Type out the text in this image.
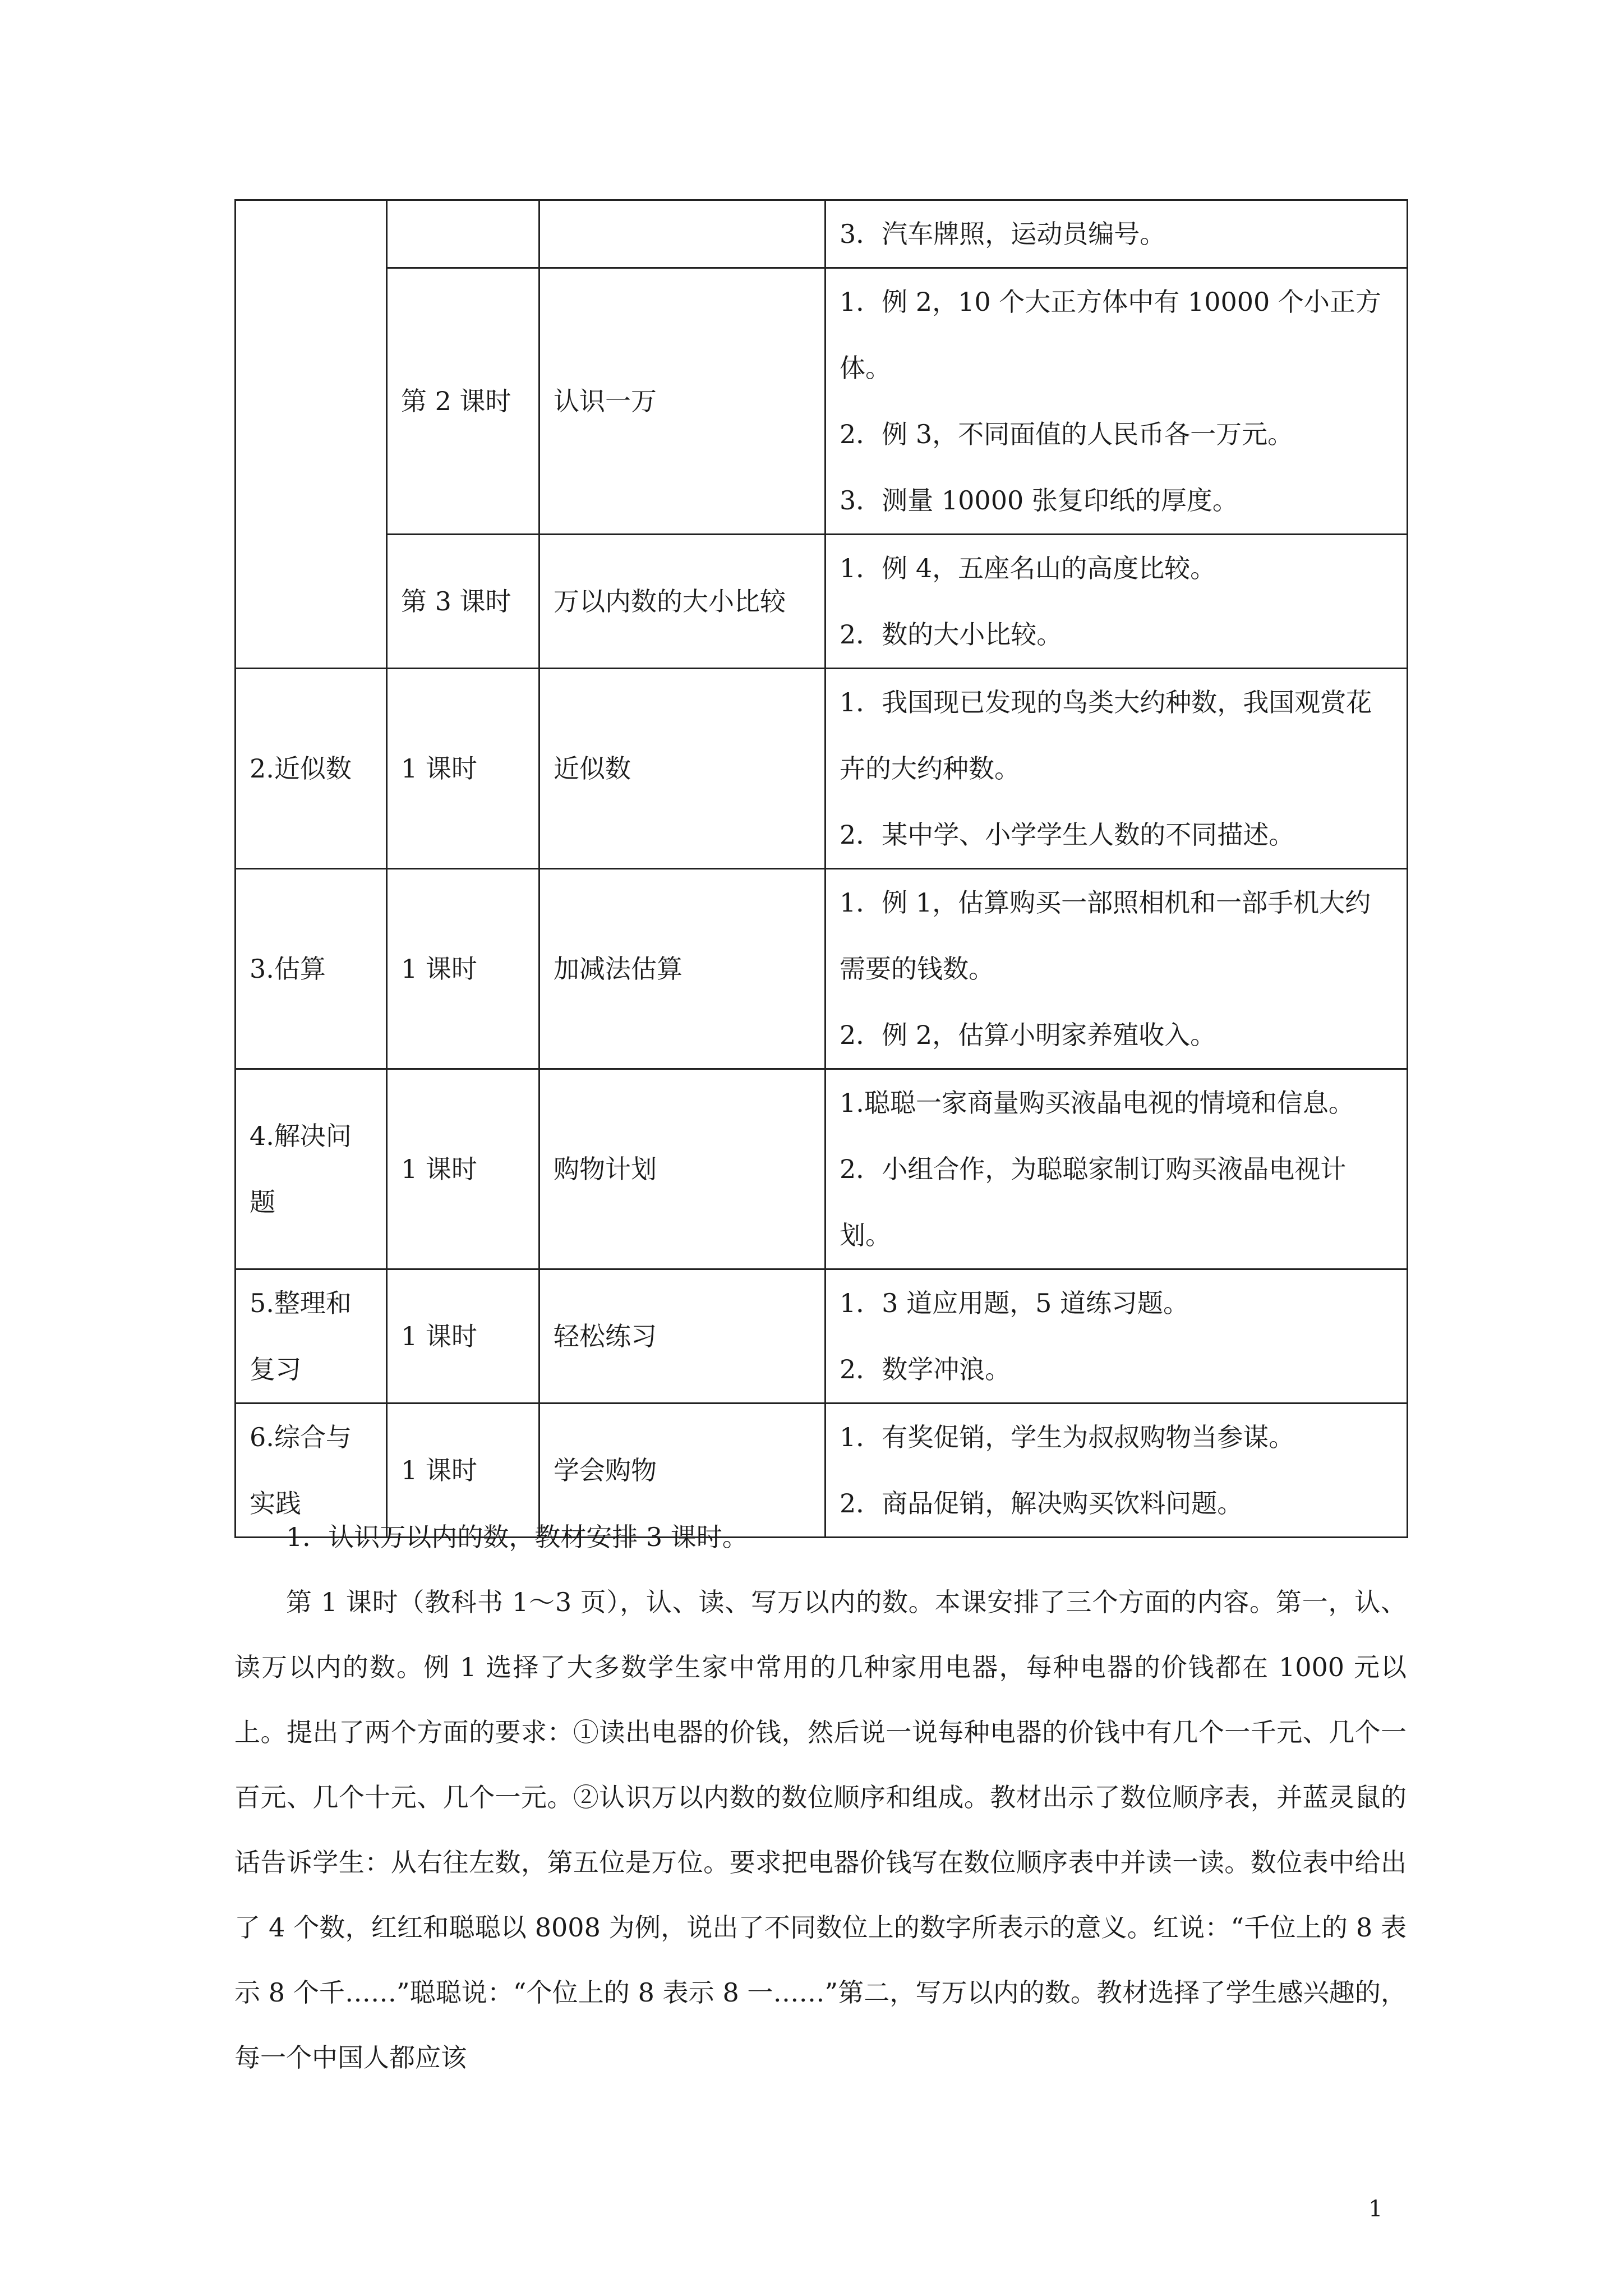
			3．汽车牌照，运动员编号。

	第 2 课时	认识一万	1．例 2，10 个大正方体中有 10000 个小正方体。
2．例 3，不同面值的人民币各一万元。
3．测量 10000 张复印纸的厚度。

	第 3 课时	万以内数的大小比较	1．例 4，五座名山的高度比较。
2．数的大小比较。

2.近似数	1 课时	近似数	1．我国现已发现的鸟类大约种数，我国观赏花卉的大约种数。
2．某中学、小学学生人数的不同描述。

3.估算	1 课时	加减法估算	1．例 1，估算购买一部照相机和一部手机大约需要的钱数。
2．例 2，估算小明家养殖收入。

4.解决问题	1 课时	购物计划	1.聪聪一家商量购买液晶电视的情境和信息。
2．小组合作，为聪聪家制订购买液晶电视计划。

5.整理和复习	1 课时	轻松练习	1．3 道应用题，5 道练习题。
2．数学冲浪。

6.综合与实践	1 课时	学会购物	1．有奖促销，学生为叔叔购物当参谋。
2．商品促销，解决购买饮料问题。

1．认识万以内的数，教材安排 3 课时。

第 1 课时（教科书 1～3 页），认、读、写万以内的数。本课安排了三个方面的内容。第一，认、读万以内的数。例 1 选择了大多数学生家中常用的几种家用电器，每种电器的价钱都在 1000 元以上。提出了两个方面的要求：①读出电器的价钱，然后说一说每种电器的价钱中有几个一千元、几个一百元、几个十元、几个一元。②认识万以内数的数位顺序和组成。教材出示了数位顺序表，并蓝灵鼠的话告诉学生：从右往左数，第五位是万位。要求把电器价钱写在数位顺序表中并读一读。数位表中给出了 4 个数，红红和聪聪以 8008 为例，说出了不同数位上的数字所表示的意义。红说：“千位上的 8 表示 8 个千……”聪聪说：“个位上的 8 表示 8 一……”第二，写万以内的数。教材选择了学生感兴趣的，每一个中国人都应该

1
